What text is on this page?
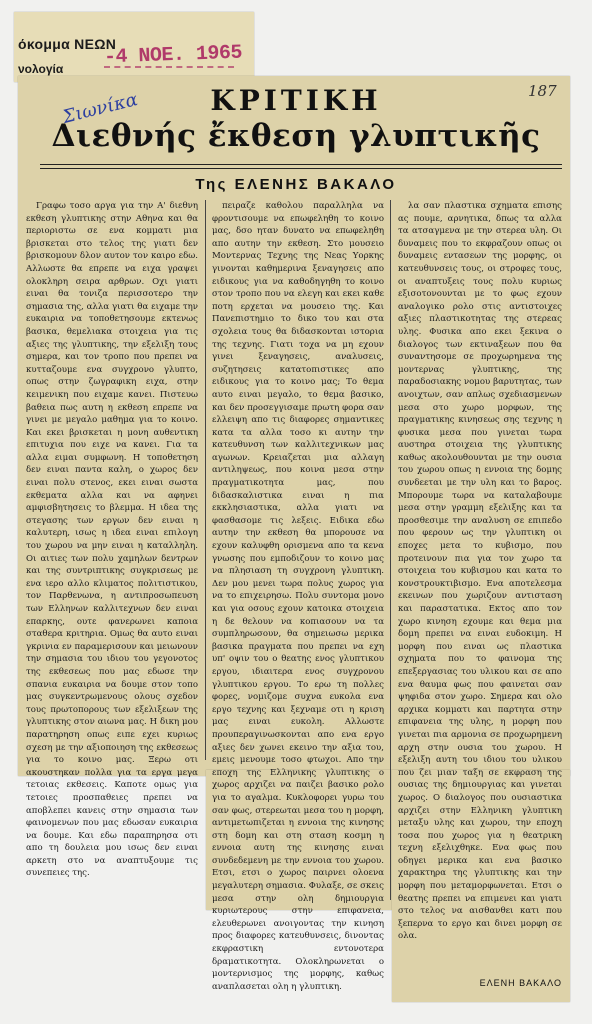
όκομμα ΝΕΩΝ
νολογία -4 ΝΟΕ. 1965
187
Σιωνίκα	ΚΡΙΤΙΚΗ
Διεθνής ἔκθεση γλυπτικῆς
Της ΕΛΕΝΗΣ ΒΑΚΑΛΟ

Γραφω τοσο αργα για την Α' διεθνη εκθεση γλυπτικης στην Αθηνα και θα περιοριστω σε ενα κομματι μια βρισκεται στο τελος της γιατι δεν βρισκομουν δλον αυτον τον καιρο εδω. Αλλωστε θα επρεπε να ειχα γραψει ολοκληρη σειρα αρθρων. Οχι γιατι ειναι θα τονιζα περισσοτερο την σημασια της, αλλα γιατι θα ειχαμε την ευκαιρια να τοποθετησουμε εκτενως βασικα, θεμελιακα στοιχεια για τις αξιες της γλυπτικης, την εξελιξη τους σημερα, και τον τροπο που πρεπει να κυτταζουμε ενα συγχρονο γλυπτο, οπως στην ζωγραφικη ειχα, στην κειμενικη που ειχαμε κανει. Πιστευω βαθεια πως αυτη η εκθεση επρεπε να γινει με μεγαλο μαθημα για το κοινο. Και εκει βρισκεται η μονη αυθεντικη επιτυχια που ειχε να κανει. Για τα αλλα ειμαι συμφωνη. Η τοποθετηση δεν ειναι παντα καλη, ο χωρος δεν ειναι πολυ στενος, εκει ειναι σωστα εκθεματα αλλα και να αφηνει αμφισβητησεις το βλεμμα. Η ιδεα της στεγασης των εργων δεν ειναι η καλυτερη, ισως η ιδεα ειναι επιλογη του χωρου να μην ειναι η καταλληλη. Οι αιτιες των πολυ χαμηλων δεντρων και της συντριπτικης συγκρισεως με ενα ιερο αλλο κλιματος πολιτιστικου, τον Παρθενωνα, η αντιπροσωπευση των Ελληνων καλλιτεχνων δεν ειναι επαρκης, ουτε φανερωνει καποια σταθερα κριτηρια. Ομως θα αυτο ειναι γκρινια εν παραμερισουν και μειωνουν την σημασια του ιδιου του γεγονοτος της εκθεσεως που μας εδωσε την σπανια ευκαιρια να δουμε στον τοπο μας συγκεντρωμενους ολους σχεδον τους πρωτοπορους των εξελιξεων της γλυπτικης στον αιωνα μας. Η δικη μου παρατηρηση οπως ειπε εχει κυριως σχεση με την αξιοποιηση της εκθεσεως για το κοινο μας. Ξερω οτι ακουστηκαν πολλα για τα εργα μεγα τετοιας εκθεσεις. Καποτε ομως για τετοιες προσπαθειες πρεπει να αποβλεπει κανεις στην σημασια των φαινομενων που μας εδωσαν ευκαιρια να δουμε. Και εδω παραπηρησα οτι απο τη δουλεια μου ισως δεν ειναι αρκετη στο να αναπτυξουμε τις συνεπειες της.

πειραζε καθολου παραλληλα να φροντισουμε να επωφεληθη το κοινο μας, δσο ηταν δυνατο να επωφεληθη απο αυτην την εκθεση. Στο μουσειο Μοντερνας Τεχνης της Νεας Υορκης γινονται καθημερινα ξεναγησεις απο ειδικους για να καθοδηγηθη το κοινο στον τροπο που να ελεγη και εκει καθε ποτη ερχεται να μουσειο της. Και Πανεπιστημιο το δικο του και στα σχολεια τους θα διδασκονται ιστορια της τεχνης. Γιατι τοχα να μη εχουν γινει ξεναγησεις, αναλυσεις, συζητησεις κατατοπιστικες απο ειδικους για το κοινο μας; Το θεμα αυτο ειναι μεγαλο, το θεμα βασικο, και δεν προσεγγισαμε πρωτη φορα σαν ελλειψη απο τις διαφορες σημαντικες κατα τα αλλα τοσο κι αυτην την κατευθυνση των καλλιτεχνικων μας αγωνων. Κρειαζεται μια αλλαγη αντιληψεως, που κοινα μεσα στην πραγματικοτητα μας, που διδασκαλιστικα ειναι η πια εκκλησιαστικα, αλλα γιατι να φασθασομε τις λεξεις. Ειδικα εδω αυτην την εκθεση θα μπορουσε να εχουν καλυφθη ορισμενα απο τα κενα γνωσης που εμποδιζουν το κοινο μας να πλησιαση τη συγχρονη γλυπτικη. Δεν μου μενει τωρα πολυς χωρος για να το επιχειρησω. Πολυ συντομα μονο και για οσους εχουν κατοικα στοιχεια η δε θελουν να κοπιασουν να τα συμπληρωσουν, θα σημειωσω μερικα βασικα πραγματα που πρεπει να εχη υπ' οψιν του ο θεατης ενος γλυπτικου εργου, ιδιαιτερα ενος συγχρονου γλυπτικου εργου. Το ερω τη πολλες φορες, νομιζομε συχνα ευκολα ενα εργο τεχνης και ξεχναμε οτι η κριση μας ειναι ευκολη. Αλλωστε προυπεραγινωσκονται απο ενα εργο αξιες δεν χωνει εκεινο την αξια του, εμεις μενουμε τοσο φτωχοι. Απο την εποχη της Ελληνικης γλυπτικης ο χωρος αρχιζει να παιζει βασικο ρολο για το αγαλμα. Κυκλοφορει γυρω του σαν φως, στερεωται μεσα του η μορφη, αντιμετωπιζεται η εννοια της κινησης στη δομη και στη σταση κοσμη η εννοια αυτη της κινησης ειναι συνδεδεμενη με την εννοια του χωρου. Ετσι, ετσι ο χωρος παιρνει ολοενα μεγαλυτερη σημασια. Φυλαξε, σε σκεις μεσα στην ολη δημιουργια κυριωτερους στην επιφανεια, ελευθερωνει ανοιγοντας την κινηση προς διαφορες κατευθυνσεις, δινοντας εκφραστικη εντονοτερα δραματικοτητα. Ολοκληρωνεται ο μοντερνισμος της μορφης, καθως αναπλασεται ολη η γλυπτικη.

λα σαν πλαστικα σχηματα επισης ας πουμε, αρνητικα, δπως τα αλλα τα ατσαγμενα με την στερεα υλη. Οι δυναμεις που το εκφραζουν οπως οι δυναμεις εντασεων της μορφης, οι κατευθυνσεις τους, οι στροφες τους, οι αναπτυξεις τους πολυ κυριως εξισοτονουνται με το φως εχουν αναλογικο ρολο στις αντιστοιχες αξιες πλαστικοτητας της στερεας υλης. Φυσικα απο εκει ξεκινα ο διαλογος των εκτιναξεων που θα συναντησομε σε προχωρημενα της μοντερνας γλυπτικης, της παραδοσιακης νομου βαρυτητας, των ανοιχτων, σαν απλως σχεδιασμενων μεσα στο χωρο μορφων, της πραγματικης κινησεως σης τεχνης η φυσικα μεσα που γινεται τωρα αυστηρα στοιχεια της γλυπτικης καθως ακολουθουνται με την ουσια του χωρου οπως η εννοια της δομης συνδεεται με την υλη και το βαρος. Μπορουμε τωρα να καταλαβουμε μεσα στην γραμμη εξελιξης και τα προσθεσιμε την αναλυση σε επιπεδο που φερουν ως την γλυπτικη οι εποχες μετα το κυβισμο, που προτεινουν πια για τον χωρο τα στοιχεια του κυβισμου και κατα το κονστρουκτιβισμο. Ενα αποτελεσμα εκεινων που χωριζουν αντισταση και παραστατικα. Εκτος απο τον χωρο κινηση εχουμε και θεμα μια δομη πρεπει να ειναι ευδοκιμη. Η μορφη που ειναι ως πλαστικα σχηματα που το φαινομα της επεξεργασιας του υλικου και σε απο ενα θαυμα φως που φαινεται σαν ψηφιδα στον χωρο. Σημερα και ολο αρχικα κομματι και παρτητα στην επιφανεια της υλης, η μορφη που γινεται πια αρμονια σε προχωρημενη αρχη στην ουσια του χωρου. Η εξελιξη αυτη του ιδιου του υλικου που ζει μιαν ταξη σε εκφραση της ουσιας της δημιουργιας και γινεται χωρος. Ο διαλογος που ουσιαστικα αρχιζει στην Ελληνικη γλυπτικη μεταξυ υλης και χωρου, την εποχη τοσα που χωρος για η θεατρικη τεχνη εξελιχθηκε. Ενα φως που οδηγει μερικα και ενα βασικο χαρακτηρα της γλυπτικης και την μορφη που μεταμορφωνεται. Ετσι ο θεατης πρεπει να επιμενει και γιατι στο τελος να αισθανθει κατι που ξεπερνα το εργο και δινει μορφη σε ολα.

ΕΛΕΝΗ ΒΑΚΑΛΟ
